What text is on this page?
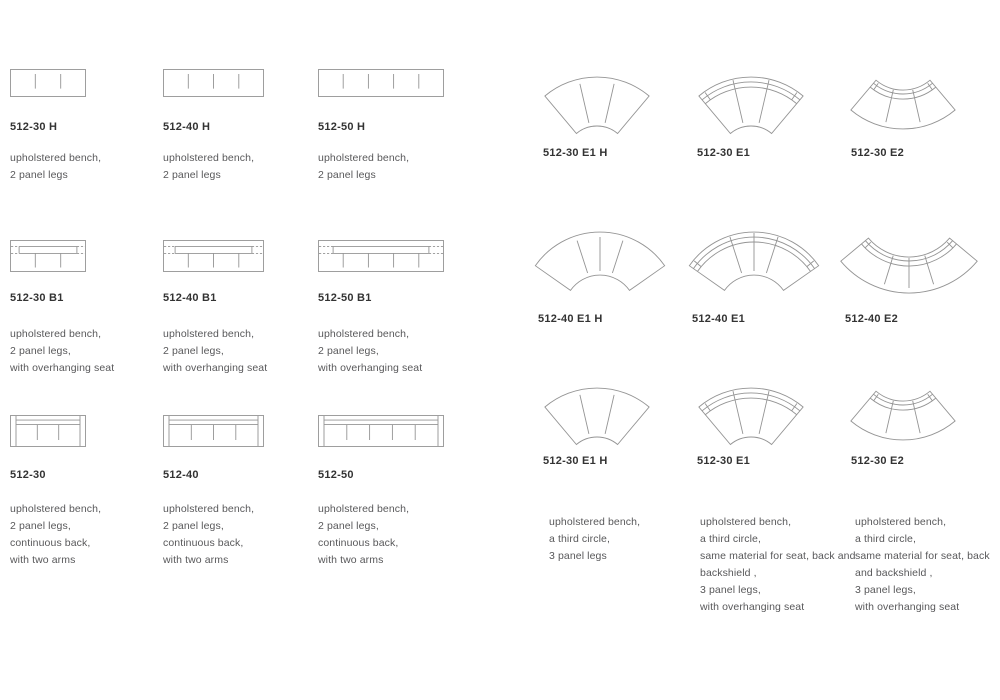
512-30 H
upholstered bench,
2 panel legs
512-40 H
upholstered bench,
2 panel legs
512-50 H
upholstered bench,
2 panel legs
512-30 B1
upholstered bench,
2 panel legs,
with overhanging seat
512-40 B1
upholstered bench,
2 panel legs,
with overhanging seat
512-50 B1
upholstered bench,
2 panel legs,
with overhanging seat
512-30
upholstered bench,
2 panel legs,
continuous back,
with two arms
512-40
upholstered bench,
2 panel legs,
continuous back,
with two arms
512-50
upholstered bench,
2 panel legs,
continuous back,
with two arms
512-30 E1 H	512-30 E1	512-30 E2
512-40 E1 H	512-40 E1	512-40 E2
512-30 E1 H
upholstered bench,
a third circle,
3 panel legs
512-30 E1
upholstered bench,
a third circle,
same material for seat, back and
backshield ,
3 panel legs,
with overhanging seat
512-30 E2
upholstered bench,
a third circle,
same material for seat, back
and backshield ,
3 panel legs,
with overhanging seat
